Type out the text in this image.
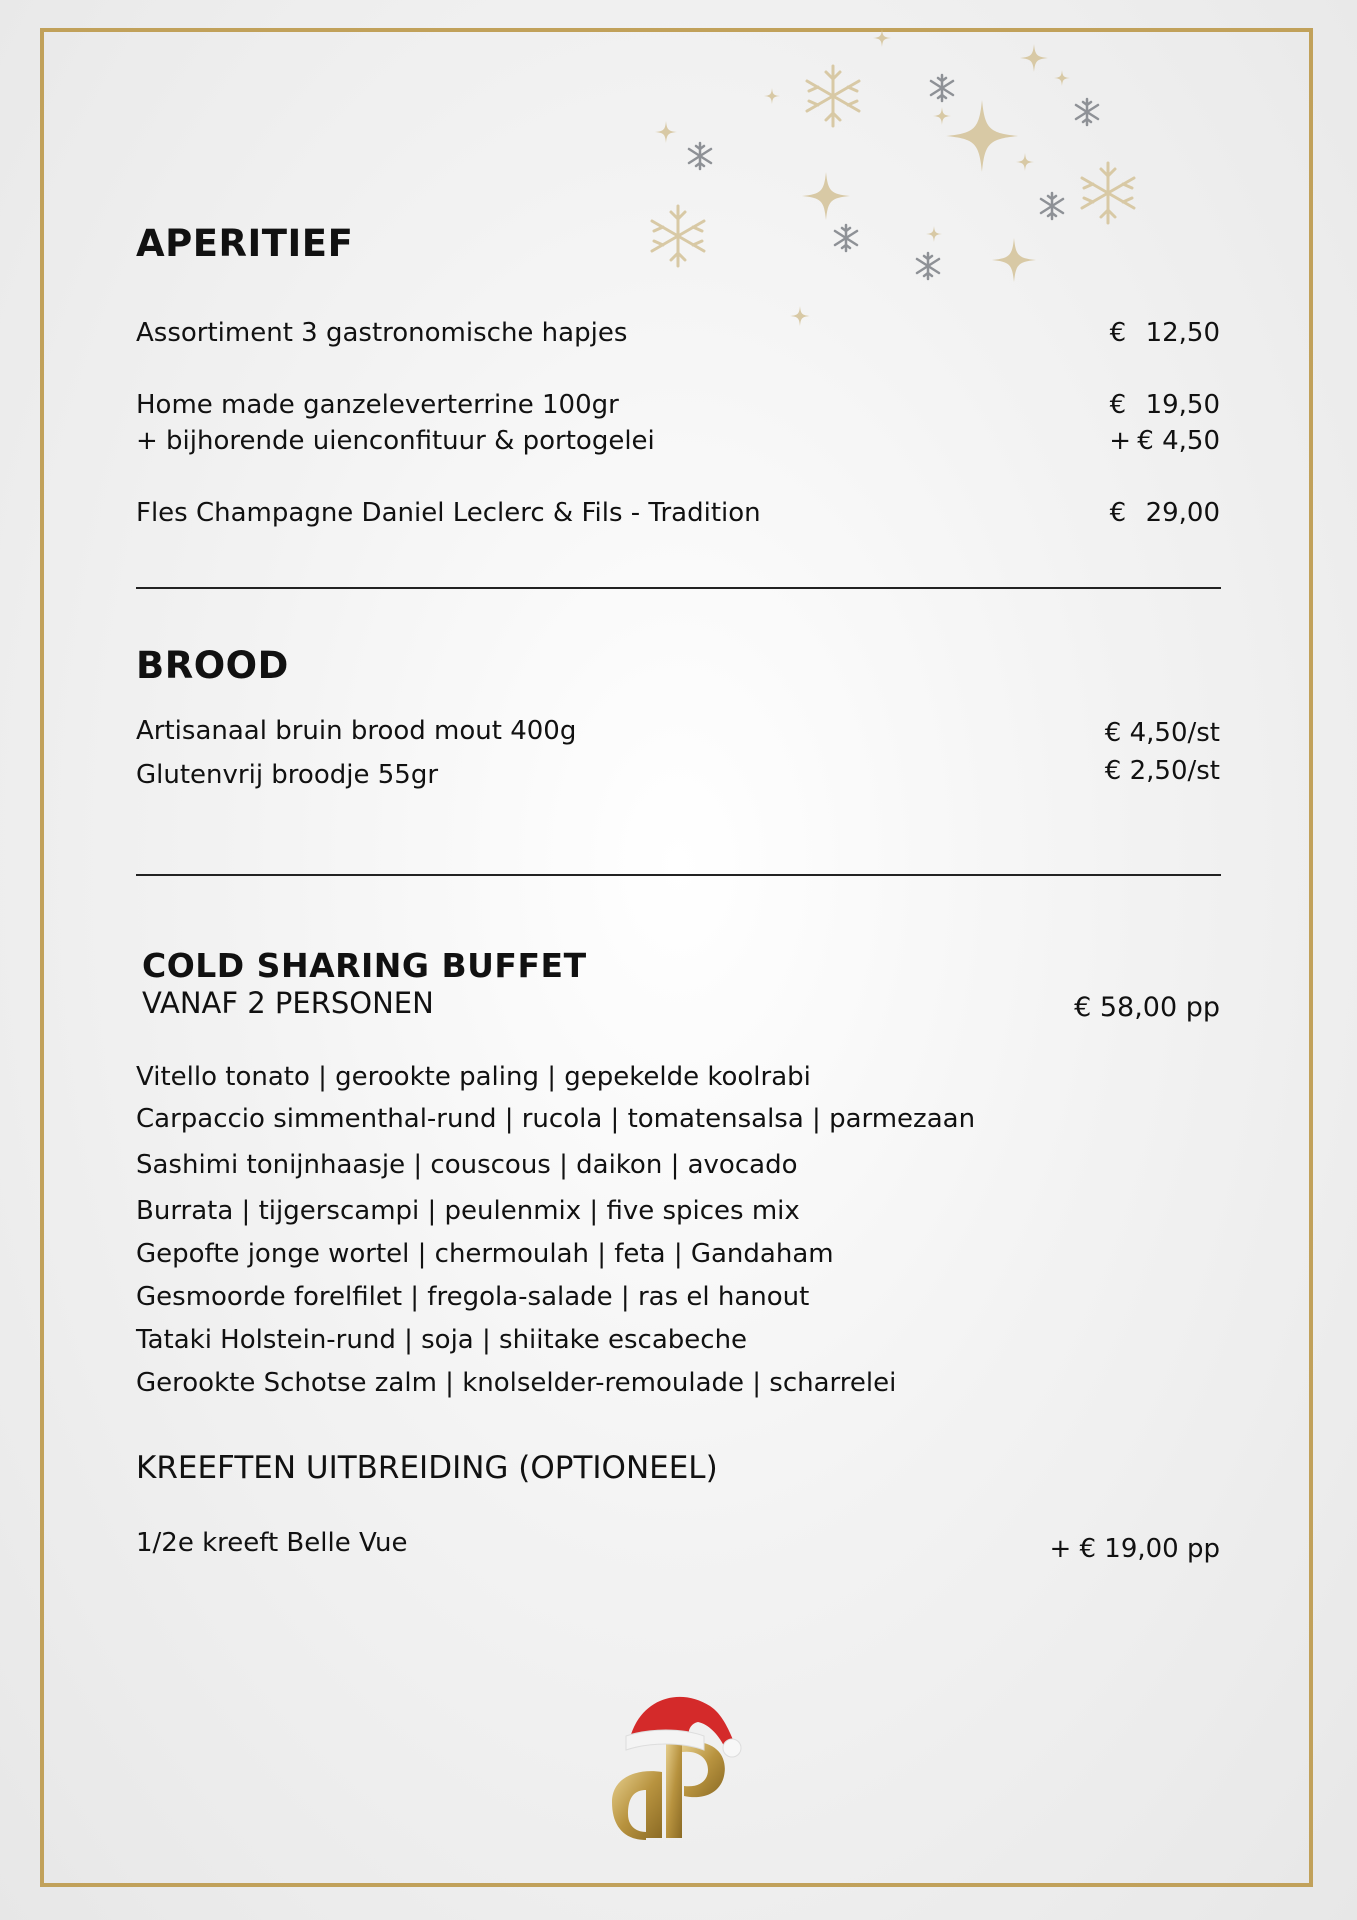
APERITIEF
Assortiment 3 gastronomische hapjes	€ 12,50
Home made ganzeleverterrine 100gr	€ 19,50
+ bijhorende uienconfituur & portogelei	+ € 4,50
Fles Champagne Daniel Leclerc & Fils - Tradition	€ 29,00
BROOD
Artisanaal bruin brood mout 400g	€ 4,50/st
Glutenvrij broodje 55gr	€ 2,50/st
COLD SHARING BUFFET
VANAF 2 PERSONEN	€ 58,00 pp
Vitello tonato | gerookte paling | gepekelde koolrabi
Carpaccio simmenthal-rund | rucola | tomatensalsa | parmezaan
Sashimi tonijnhaasje | couscous | daikon | avocado
Burrata | tijgerscampi | peulenmix | five spices mix
Gepofte jonge wortel | chermoulah | feta | Gandaham
Gesmoorde forelfilet | fregola-salade | ras el hanout
Tataki Holstein-rund | soja | shiitake escabeche
Gerookte Schotse zalm | knolselder-remoulade | scharrelei
KREEFTEN UITBREIDING (OPTIONEEL)
1/2e kreeft Belle Vue	+ € 19,00 pp
